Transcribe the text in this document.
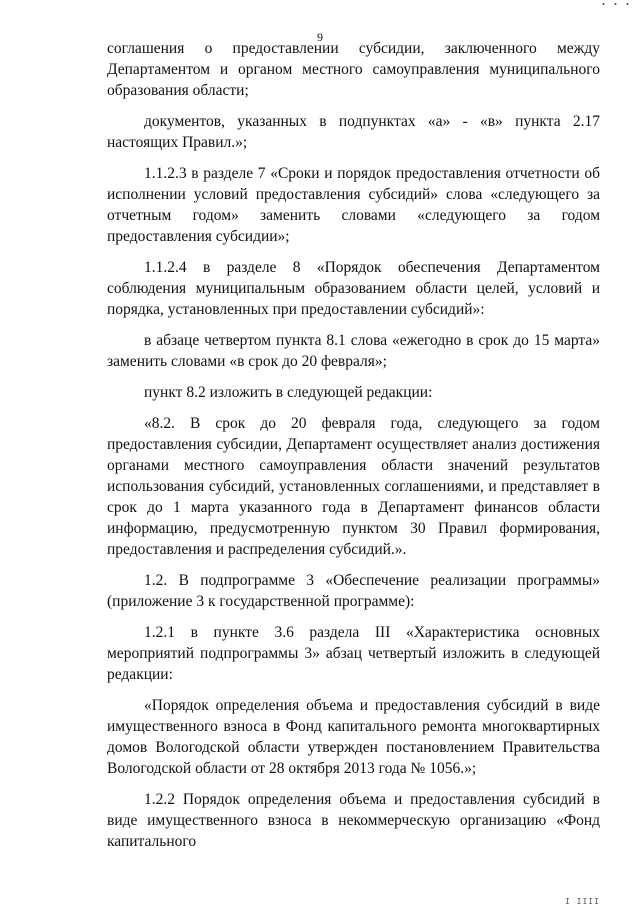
・・・
9

соглашения о предоставлении субсидии, заключенного между Департаментом и органом местного самоуправления муниципального образования области;

документов, указанных в подпунктах «а» - «в» пункта 2.17 настоящих Правил.»;

1.1.2.3 в разделе 7 «Сроки и порядок предоставления отчетности об исполнении условий предоставления субсидий» слова «следующего за отчетным годом» заменить словами «следующего за годом предоставления субсидии»;

1.1.2.4 в разделе 8 «Порядок обеспечения Департаментом соблюдения муниципальным образованием области целей, условий и порядка, установленных при предоставлении субсидий»:

в абзаце четвертом пункта 8.1 слова «ежегодно в срок до 15 марта» заменить словами «в срок до 20 февраля»;

пункт 8.2 изложить в следующей редакции:

«8.2. В срок до 20 февраля года, следующего за годом предоставления субсидии, Департамент осуществляет анализ достижения органами местного самоуправления области значений результатов использования субсидий, установленных соглашениями, и представляет в срок до 1 марта указанного года в Департамент финансов области информацию, предусмотренную пунктом 30 Правил формирования, предоставления и распределения субсидий.».

1.2. В подпрограмме 3 «Обеспечение реализации программы» (приложение 3 к государственной программе):

1.2.1 в пункте 3.6 раздела III «Характеристика основных мероприятий подпрограммы 3» абзац четвертый изложить в следующей редакции:

«Порядок определения объема и предоставления субсидий в виде имущественного взноса в Фонд капитального ремонта многоквартирных домов Вологодской области утвержден постановлением Правительства Вологодской области от 28 октября 2013 года № 1056.»;

1.2.2 Порядок определения объема и предоставления субсидий в виде имущественного взноса в некоммерческую организацию «Фонд капитального

I IIII
